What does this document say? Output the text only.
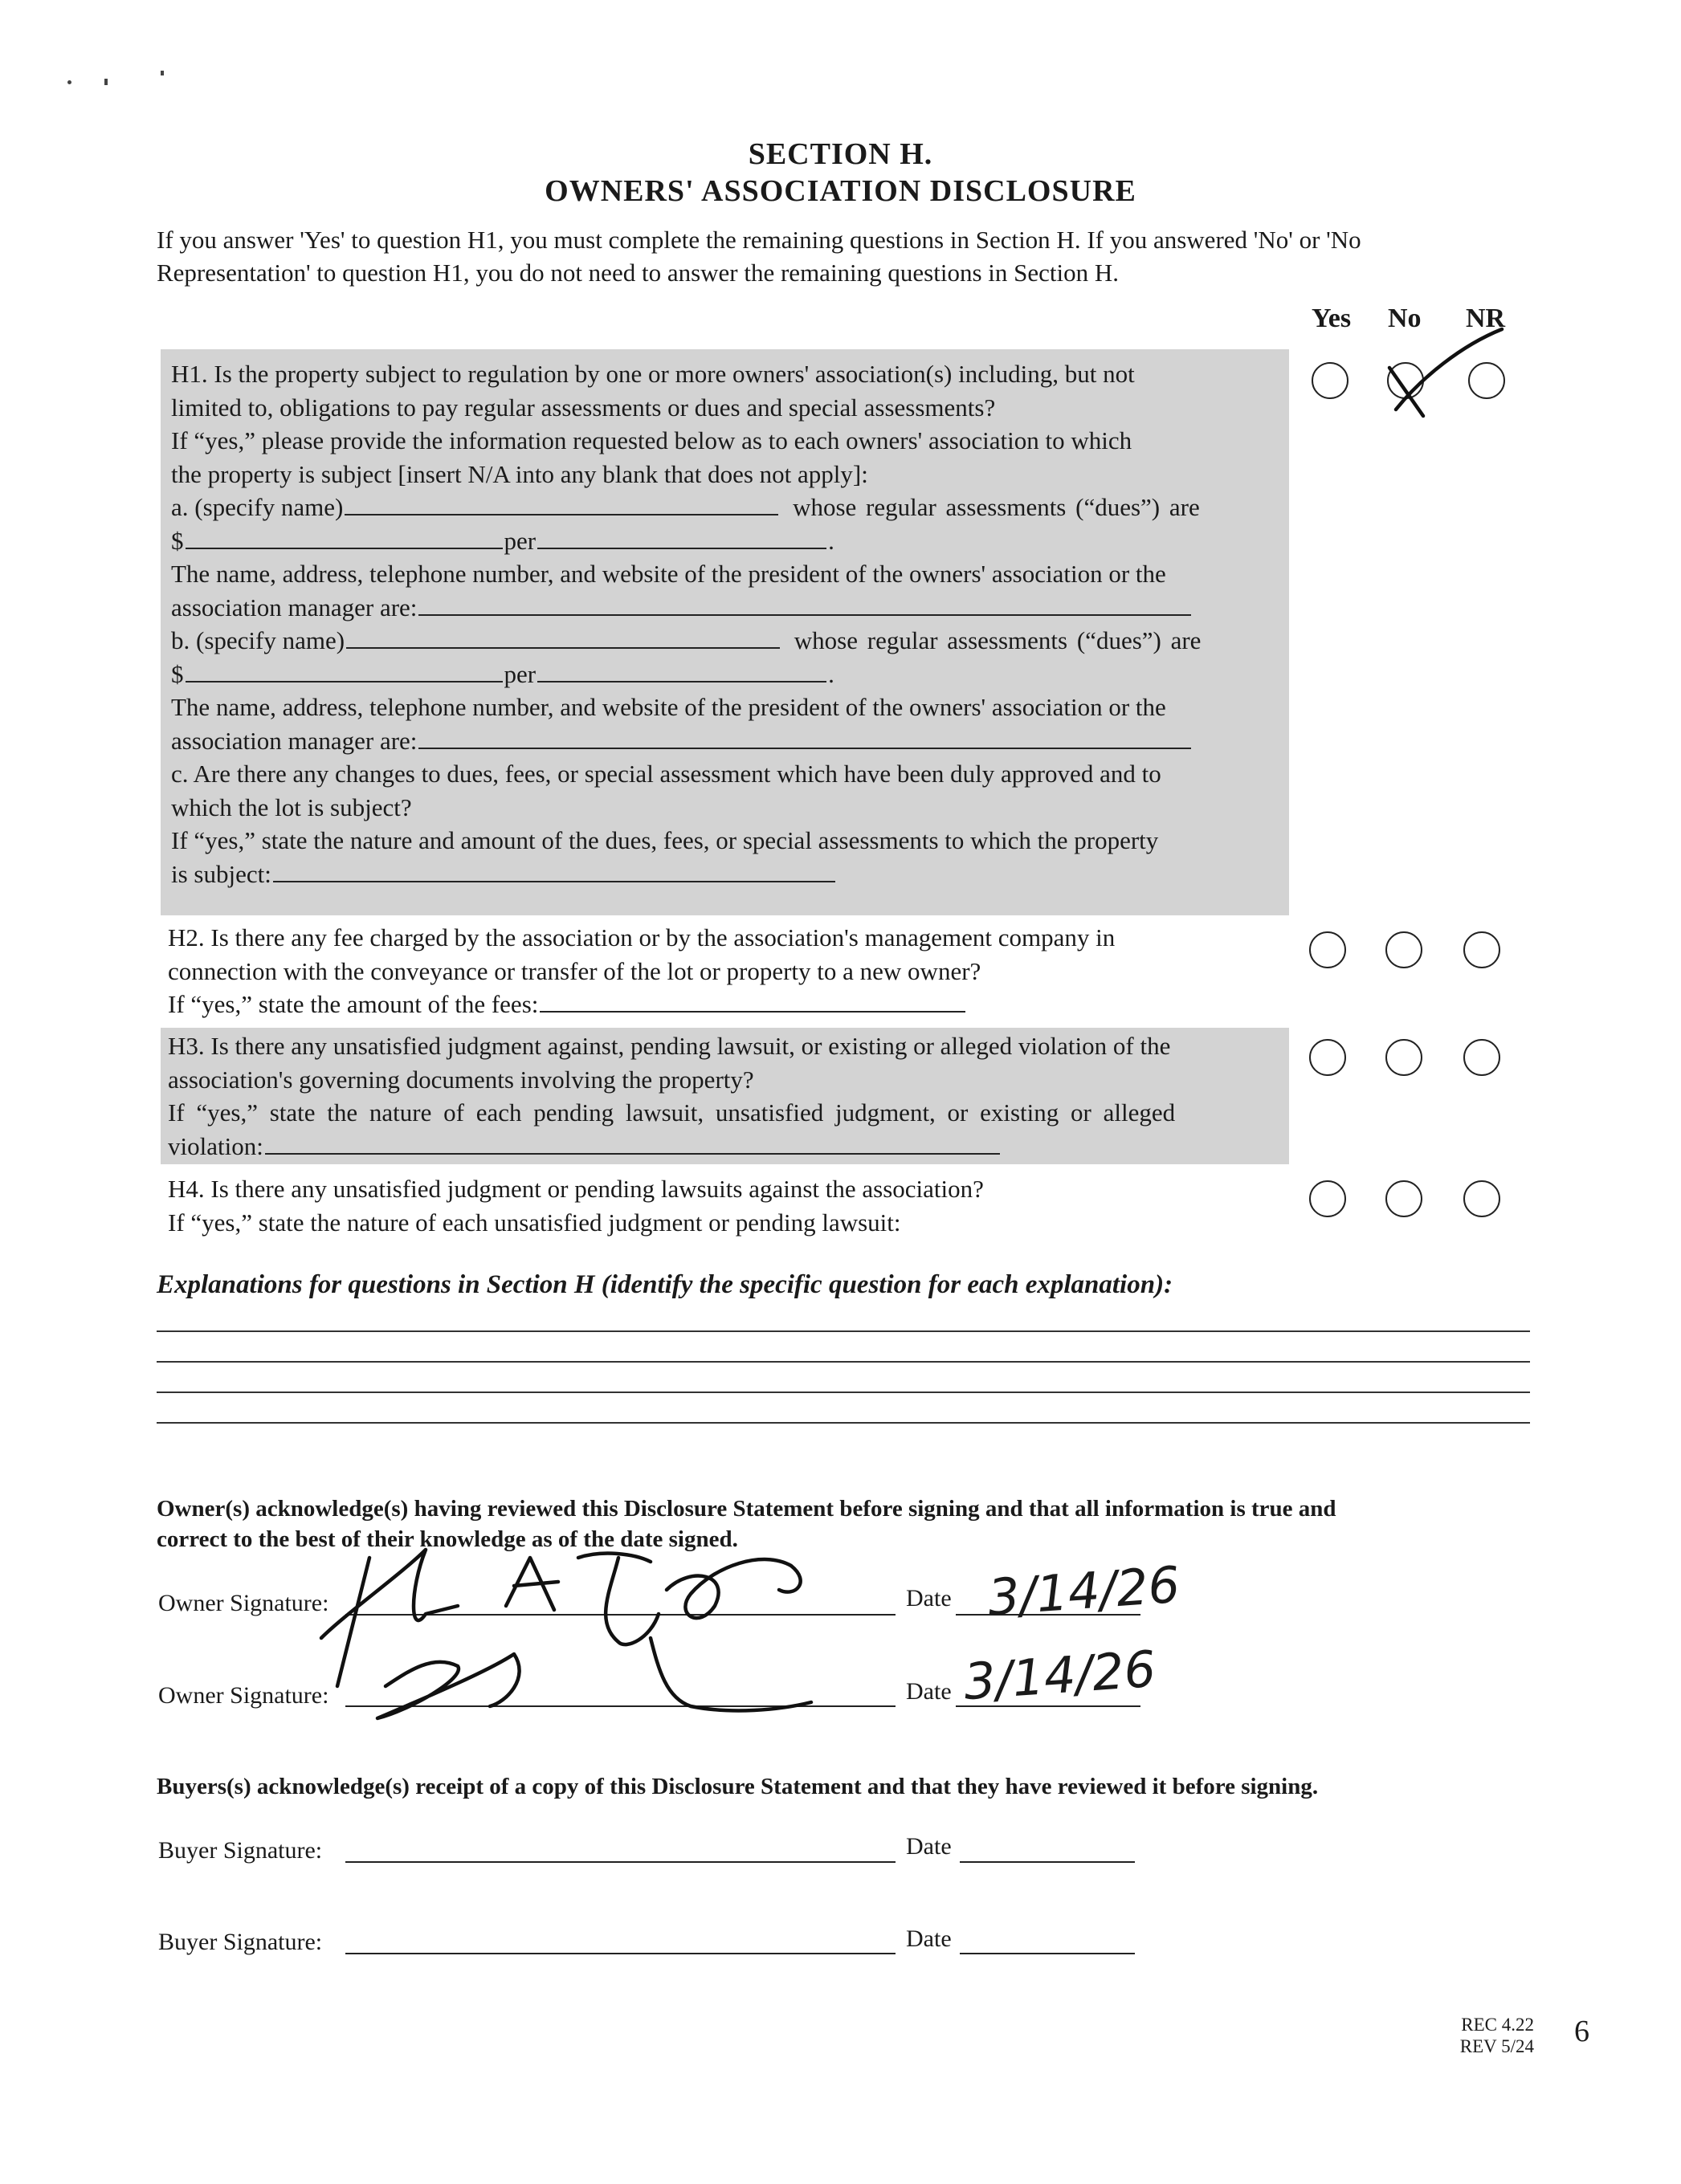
SECTION H.
OWNERS' ASSOCIATION DISCLOSURE
If you answer 'Yes' to question H1, you must complete the remaining questions in Section H. If you answered 'No' or 'No
Representation' to question H1, you do not need to answer the remaining questions in Section H.
Yes No NR
H1. Is the property subject to regulation by one or more owners' association(s) including, but not
limited to, obligations to pay regular assessments or dues and special assessments?
If “yes,” please provide the information requested below as to each owners' association to which
the property is subject [insert N/A into any blank that does not apply]:
a. (specify name)	whose regular assessments (“dues”) are
$	per	.
The name, address, telephone number, and website of the president of the owners' association or the
association manager are:
b. (specify name)	whose regular assessments (“dues”) are
$	per	.
The name, address, telephone number, and website of the president of the owners' association or the
association manager are:
c. Are there any changes to dues, fees, or special assessment which have been duly approved and to
which the lot is subject?
If “yes,” state the nature and amount of the dues, fees, or special assessments to which the property
is subject:
H2. Is there any fee charged by the association or by the association's management company in
connection with the conveyance or transfer of the lot or property to a new owner?
If “yes,” state the amount of the fees:
H3. Is there any unsatisfied judgment against, pending lawsuit, or existing or alleged violation of the
association's governing documents involving the property?
If “yes,” state the nature of each pending lawsuit, unsatisfied judgment, or existing or alleged
violation:
H4. Is there any unsatisfied judgment or pending lawsuits against the association?
If “yes,” state the nature of each unsatisfied judgment or pending lawsuit:
Explanations for questions in Section H (identify the specific question for each explanation):
Owner(s) acknowledge(s) having reviewed this Disclosure Statement before signing and that all information is true and
correct to the best of their knowledge as of the date signed.
Owner Signature:	Date 3/14/26
Owner Signature:	Date 3/14/26
Buyers(s) acknowledge(s) receipt of a copy of this Disclosure Statement and that they have reviewed it before signing.
Buyer Signature:	Date
Buyer Signature:	Date
REC 4.22
REV 5/24 6
